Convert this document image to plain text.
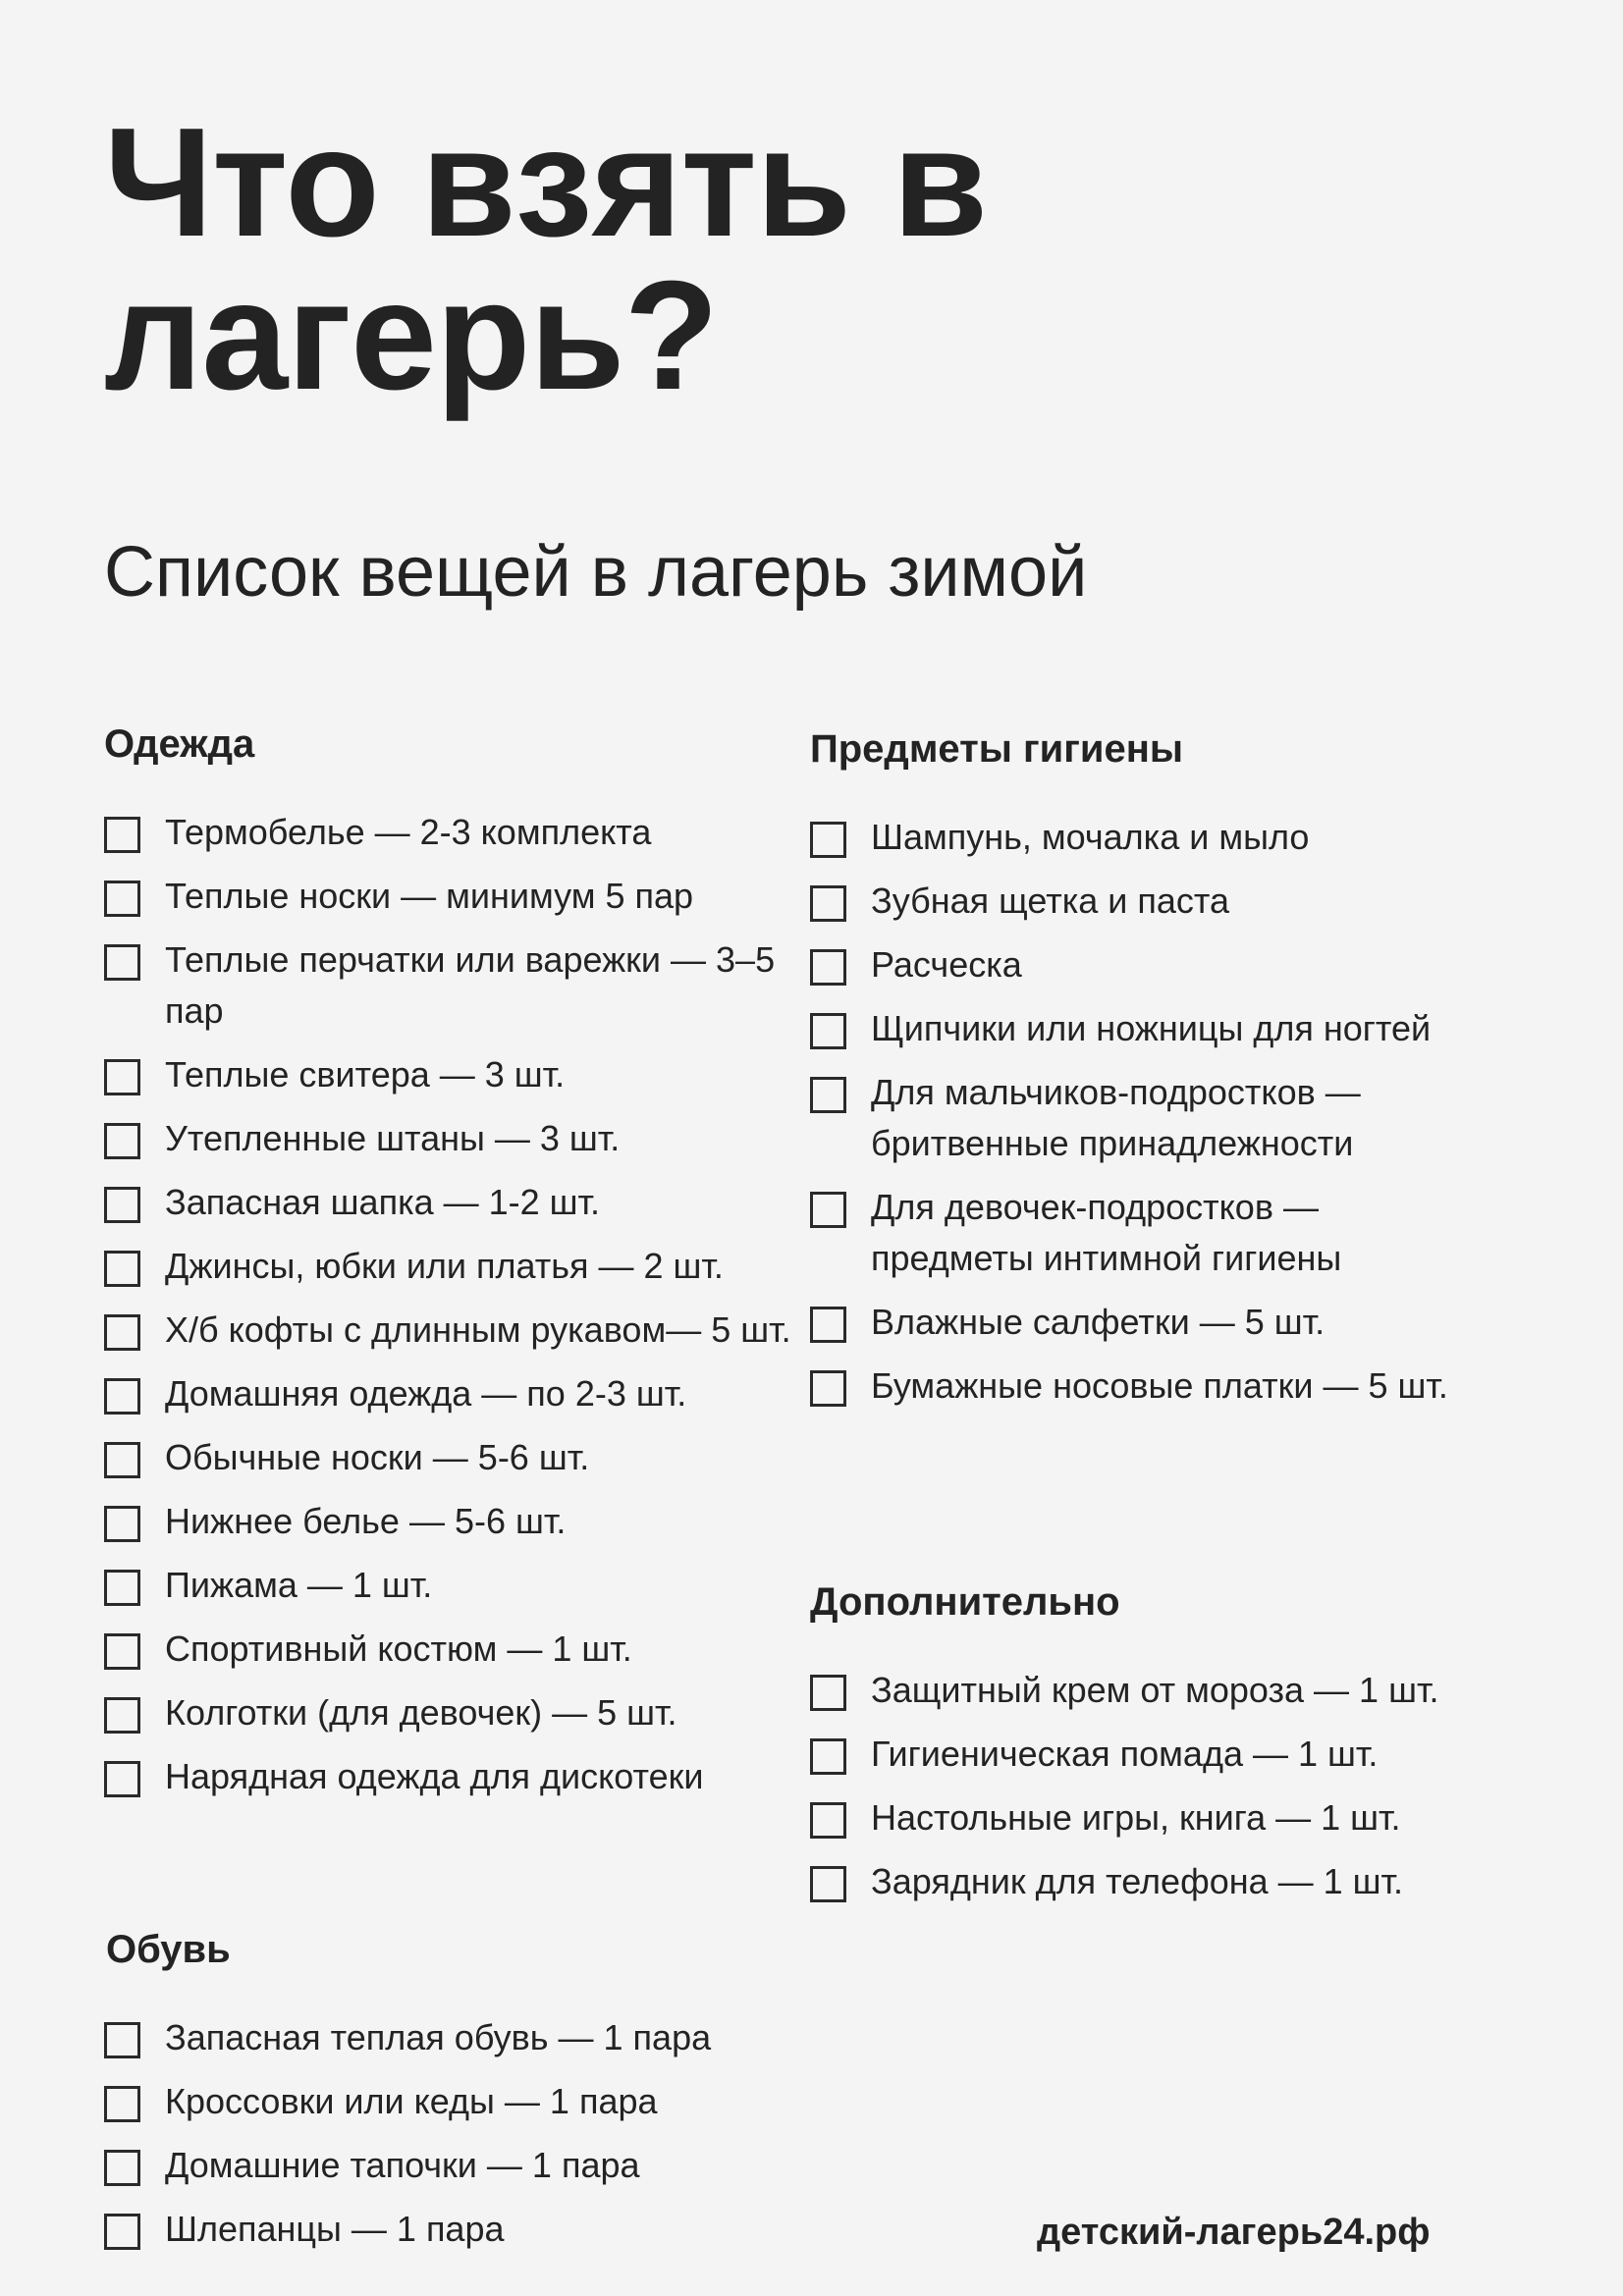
Что взять в
лагерь?
Список вещей в лагерь зимой
Одежда
Термобелье — 2-3 комплекта
Теплые носки — минимум 5 пар
Теплые перчатки или варежки — 3–5 пар
Теплые свитера — 3 шт.
Утепленные штаны — 3 шт.
Запасная шапка — 1-2 шт.
Джинсы, юбки или платья — 2 шт.
Х/б кофты с длинным рукавом— 5 шт.
Домашняя одежда — по 2-3 шт.
Обычные носки — 5-6 шт.
Нижнее белье — 5-6 шт.
Пижама — 1 шт.
Спортивный костюм — 1 шт.
Колготки (для девочек) — 5 шт.
Нарядная одежда для дискотеки
Обувь
Запасная теплая обувь — 1 пара
Кроссовки или кеды — 1 пара
Домашние тапочки — 1 пара
Шлепанцы — 1 пара
Предметы гигиены
Шампунь, мочалка и мыло
Зубная щетка и паста
Расческа
Щипчики или ножницы для ногтей
Для мальчиков-подростков — бритвенные принадлежности
Для девочек-подростков — предметы интимной гигиены
Влажные салфетки — 5 шт.
Бумажные носовые платки — 5 шт.
Дополнительно
Защитный крем от мороза — 1 шт.
Гигиеническая помада — 1 шт.
Настольные игры, книга — 1 шт.
Зарядник для телефона — 1 шт.
детский-лагерь24.рф
